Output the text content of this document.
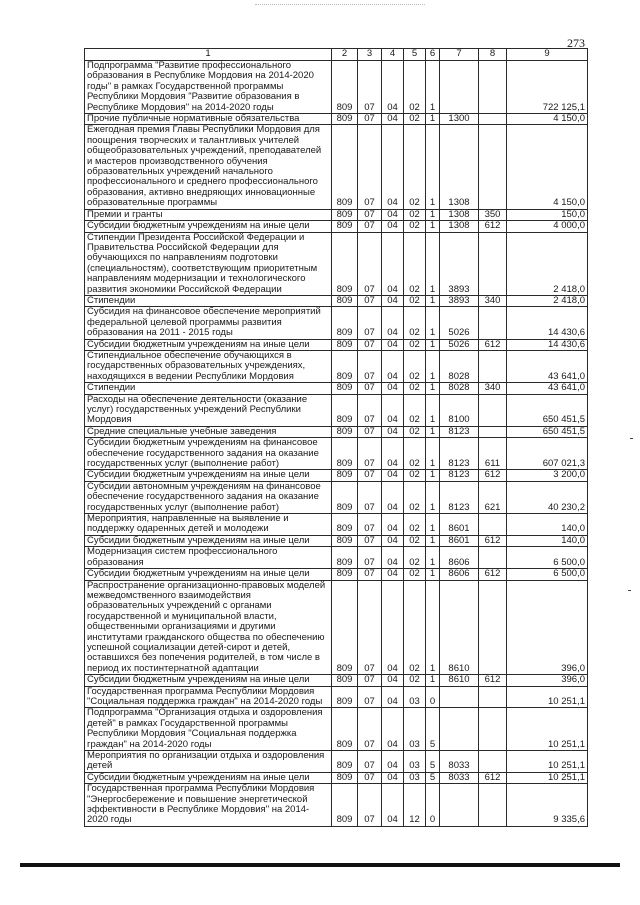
273
1	2	3	4	5	6	7	8	9
Подпрограмма "Развитие профессионального образования в Республике Мордовия на 2014-2020 годы" в рамках Государственной программы Республики Мордовия "Развитие образования в Республике Мордовия" на 2014-2020 годы	809	07	04	02	1			722 125,1
Прочие публичные нормативные обязательства	809	07	04	02	1	1300		4 150,0
Ежегодная премия Главы Республики Мордовия для поощрения творческих и талантливых учителей общеобразовательных учреждений, преподавателей и мастеров производственного обучения образовательных учреждений начального профессионального и среднего профессионального образования, активно внедряющих инновационные образовательные программы	809	07	04	02	1	1308		4 150,0
Премии и гранты	809	07	04	02	1	1308	350	150,0
Субсидии бюджетным учреждениям на иные цели	809	07	04	02	1	1308	612	4 000,0
Стипендии Президента Российской Федерации и Правительства Российской Федерации для обучающихся по направлениям подготовки (специальностям), соответствующим приоритетным направлениям модернизации и технологического развития экономики Российской Федерации	809	07	04	02	1	3893		2 418,0
Стипендии	809	07	04	02	1	3893	340	2 418,0
Субсидия на финансовое обеспечение мероприятий федеральной целевой программы развития образования на 2011 - 2015 годы	809	07	04	02	1	5026		14 430,6
Субсидии бюджетным учреждениям на иные цели	809	07	04	02	1	5026	612	14 430,6
Стипендиальное обеспечение обучающихся в государственных образовательных учреждениях, находящихся в ведении Республики Мордовия	809	07	04	02	1	8028		43 641,0
Стипендии	809	07	04	02	1	8028	340	43 641,0
Расходы на обеспечение деятельности (оказание услуг) государственных учреждений Республики Мордовия	809	07	04	02	1	8100		650 451,5
Средние специальные учебные заведения	809	07	04	02	1	8123		650 451,5
Субсидии бюджетным учреждениям на финансовое обеспечение государственного задания на оказание государственных услуг (выполнение работ)	809	07	04	02	1	8123	611	607 021,3
Субсидии бюджетным учреждениям на иные цели	809	07	04	02	1	8123	612	3 200,0
Субсидии автономным учреждениям на финансовое обеспечение государственного задания на оказание государственных услуг (выполнение работ)	809	07	04	02	1	8123	621	40 230,2
Мероприятия, направленные на выявление и поддержку одаренных детей и молодежи	809	07	04	02	1	8601		140,0
Субсидии бюджетным учреждениям на иные цели	809	07	04	02	1	8601	612	140,0
Модернизация систем профессионального образования	809	07	04	02	1	8606		6 500,0
Субсидии бюджетным учреждениям на иные цели	809	07	04	02	1	8606	612	6 500,0
Распространение организационно-правовых моделей межведомственного взаимодействия образовательных учреждений с органами государственной и муниципальной власти, общественными организациями и другими институтами гражданского общества по обеспечению успешной социализации детей-сирот и детей, оставшихся без попечения родителей, в том числе в период их постинтернатной адаптации	809	07	04	02	1	8610		396,0
Субсидии бюджетным учреждениям на иные цели	809	07	04	02	1	8610	612	396,0
Государственная программа Республики Мордовия "Социальная поддержка граждан" на 2014-2020 годы	809	07	04	03	0			10 251,1
Подпрограмма "Организация отдыха и оздоровления детей" в рамках Государственной программы Республики Мордовия "Социальная поддержка граждан" на 2014-2020 годы	809	07	04	03	5			10 251,1
Мероприятия по организации отдыха и оздоровления детей	809	07	04	03	5	8033		10 251,1
Субсидии бюджетным учреждениям на иные цели	809	07	04	03	5	8033	612	10 251,1
Государственная программа Республики Мордовия "Энергосбережение и повышение энергетической эффективности в Республике Мордовия" на 2014-2020 годы	809	07	04	12	0			9 335,6
